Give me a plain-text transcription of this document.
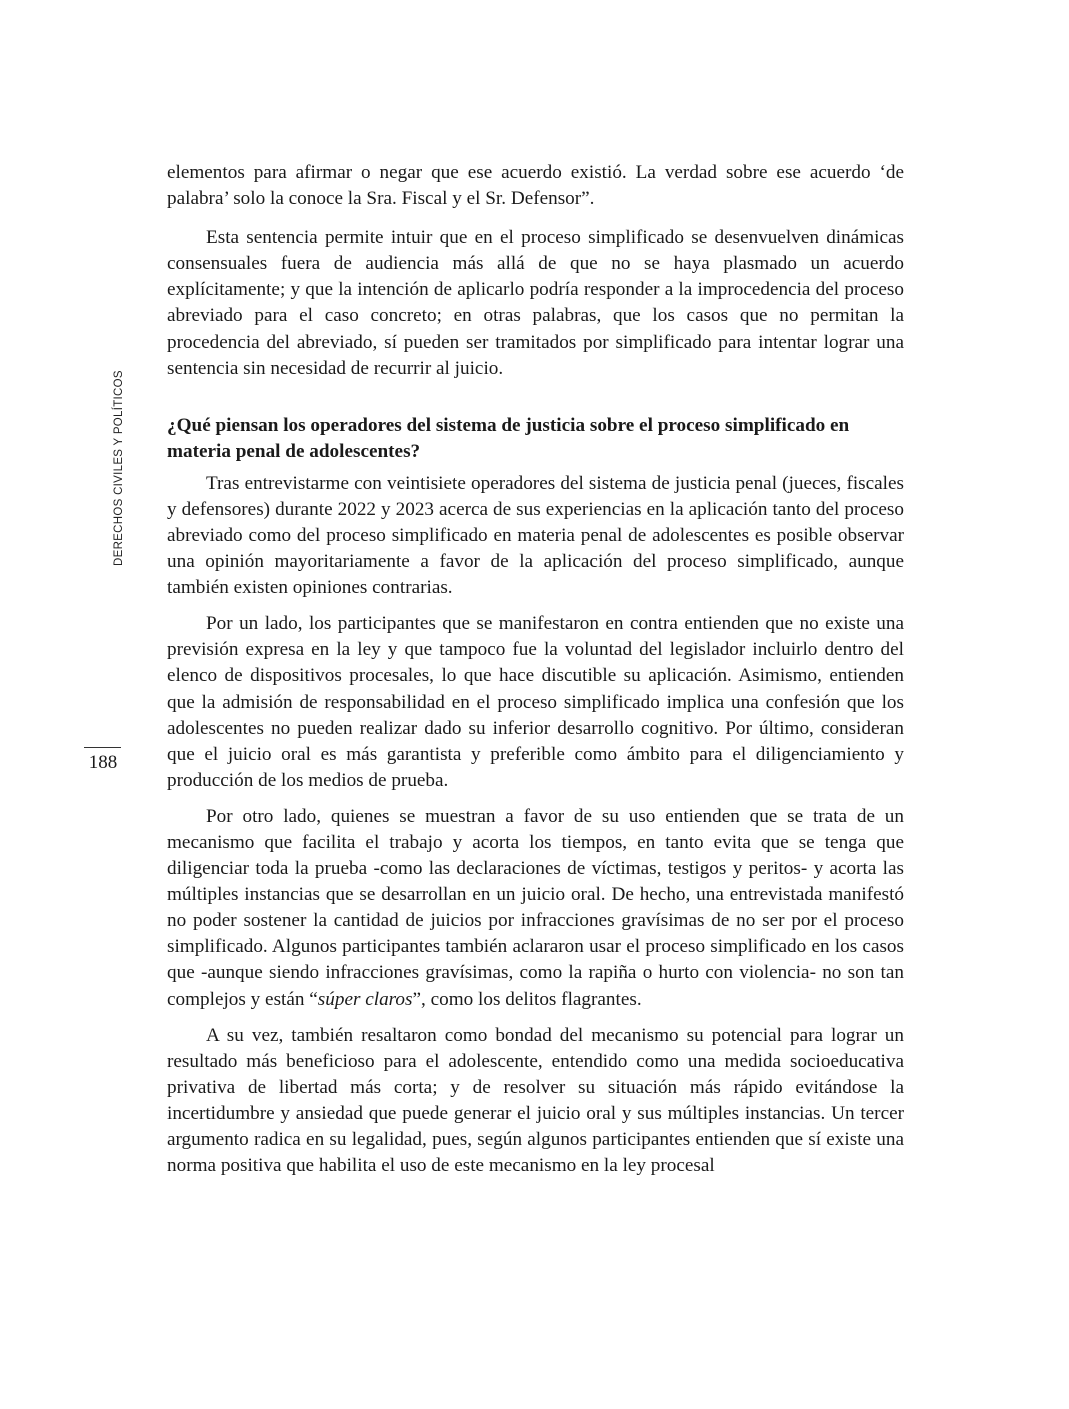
DERECHOS CIVILES Y POLÍTICOS
188

elementos para afirmar o negar que ese acuerdo existió. La verdad sobre ese acuerdo ‘de palabra’ solo la conoce la Sra. Fiscal y el Sr. Defensor”.

Esta sentencia permite intuir que en el proceso simplificado se desenvuelven dinámicas consensuales fuera de audiencia más allá de que no se haya plasmado un acuerdo explícitamente; y que la intención de aplicarlo podría responder a la improcedencia del proceso abreviado para el caso concreto; en otras palabras, que los casos que no permitan la procedencia del abreviado, sí pueden ser tramitados por simplificado para intentar lograr una sentencia sin necesidad de recurrir al juicio.

¿Qué piensan los operadores del sistema de justicia sobre el proceso simplificado en materia penal de adolescentes?

Tras entrevistarme con veintisiete operadores del sistema de justicia penal (jueces, fiscales y defensores) durante 2022 y 2023 acerca de sus experiencias en la aplicación tanto del proceso abreviado como del proceso simplificado en materia penal de adolescentes es posible observar una opinión mayoritariamente a favor de la aplicación del proceso simplificado, aunque también existen opiniones contrarias.

Por un lado, los participantes que se manifestaron en contra entienden que no existe una previsión expresa en la ley y que tampoco fue la voluntad del legislador incluirlo dentro del elenco de dispositivos procesales, lo que hace discutible su aplicación. Asimismo, entienden que la admisión de responsabilidad en el proceso simplificado implica una confesión que los adolescentes no pueden realizar dado su inferior desarrollo cognitivo. Por último, consideran que el juicio oral es más garantista y preferible como ámbito para el diligenciamiento y producción de los medios de prueba.

Por otro lado, quienes se muestran a favor de su uso entienden que se trata de un mecanismo que facilita el trabajo y acorta los tiempos, en tanto evita que se tenga que diligenciar toda la prueba -como las declaraciones de víctimas, testigos y peritos- y acorta las múltiples instancias que se desarrollan en un juicio oral. De hecho, una entrevistada manifestó no poder sostener la cantidad de juicios por infracciones gravísimas de no ser por el proceso simplificado. Algunos participantes también aclararon usar el proceso simplificado en los casos que -aunque siendo infracciones gravísimas, como la rapiña o hurto con violencia- no son tan complejos y están “súper claros”, como los delitos flagrantes.

A su vez, también resaltaron como bondad del mecanismo su potencial para lograr un resultado más beneficioso para el adolescente, entendido como una medida socioeducativa privativa de libertad más corta; y de resolver su situación más rápido evitándose la incertidumbre y ansiedad que puede generar el juicio oral y sus múltiples instancias. Un tercer argumento radica en su legalidad, pues, según algunos participantes entienden que sí existe una norma positiva que habilita el uso de este mecanismo en la ley procesal
